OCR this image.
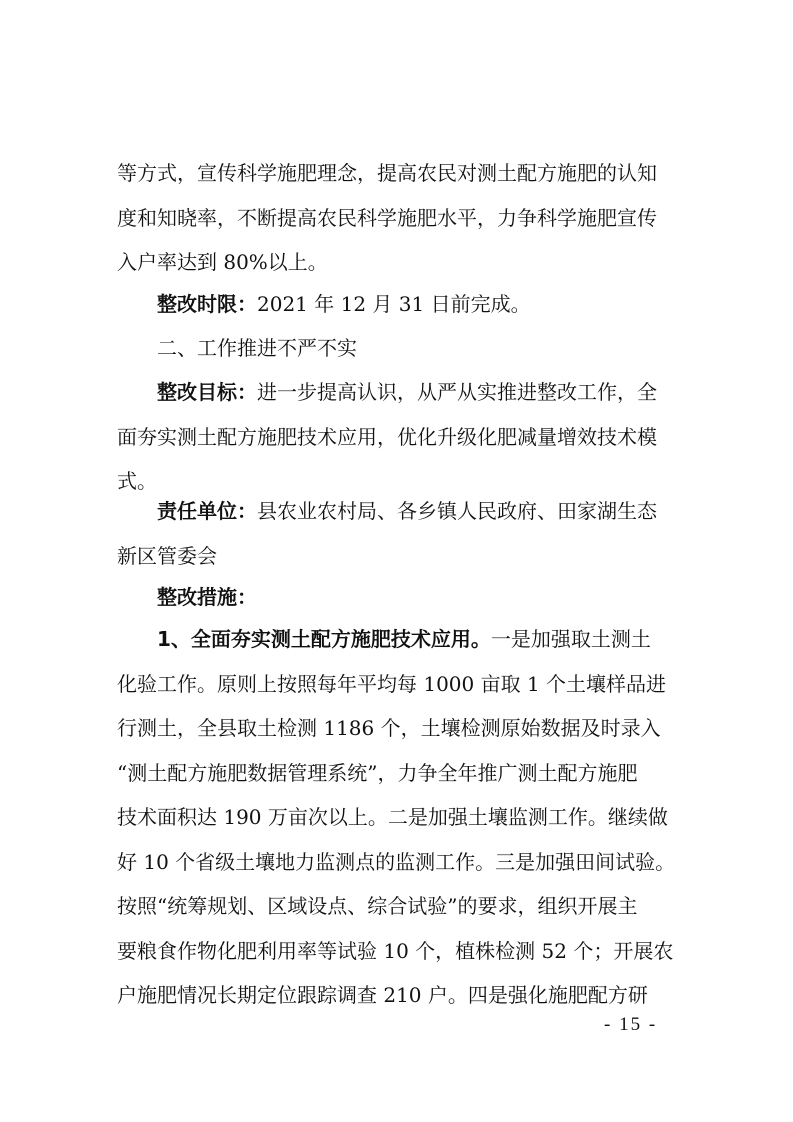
等方式，宣传科学施肥理念，提高农民对测土配方施肥的认知
度和知晓率，不断提高农民科学施肥水平，力争科学施肥宣传
入户率达到 80%以上。

整改时限：2021 年 12 月 31 日前完成。

二、工作推进不严不实

整改目标：进一步提高认识，从严从实推进整改工作，全
面夯实测土配方施肥技术应用，优化升级化肥减量增效技术模
式。

责任单位：县农业农村局、各乡镇人民政府、田家湖生态
新区管委会

整改措施：

1、全面夯实测土配方施肥技术应用。一是加强取土测土
化验工作。原则上按照每年平均每 1000 亩取 1 个土壤样品进
行测土，全县取土检测 1186 个，土壤检测原始数据及时录入
“测土配方施肥数据管理系统”，力争全年推广测土配方施肥
技术面积达 190 万亩次以上。二是加强土壤监测工作。继续做
好 10 个省级土壤地力监测点的监测工作。三是加强田间试验。
按照“统筹规划、区域设点、综合试验”的要求，组织开展主
要粮食作物化肥利用率等试验 10 个，植株检测 52 个；开展农
户施肥情况长期定位跟踪调查 210 户。四是强化施肥配方研

- 15 -
